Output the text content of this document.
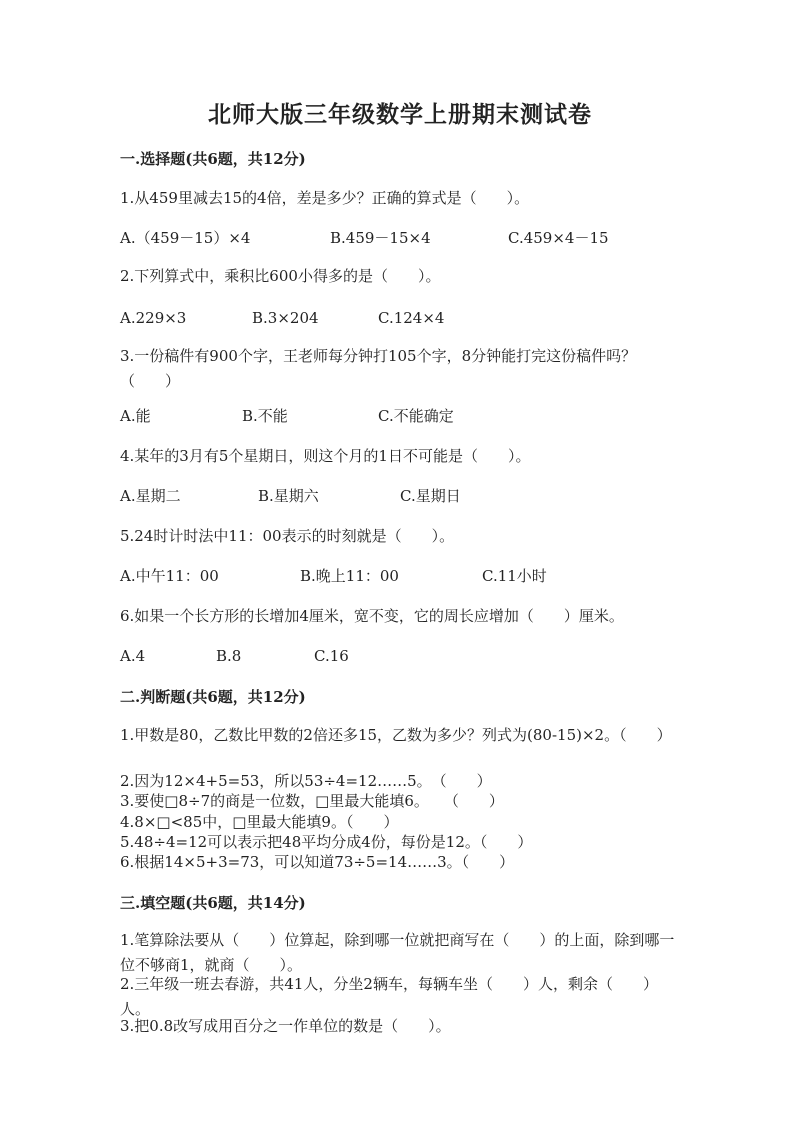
北师大版三年级数学上册期末测试卷
一.选择题(共6题，共12分)
1.从459里减去15的4倍，差是多少？正确的算式是（　　）。
A.（459－15）×4	B.459－15×4	C.459×4－15
2.下列算式中，乘积比600小得多的是（　　）。
A.229×3	B.3×204	C.124×4
3.一份稿件有900个字，王老师每分钟打105个字，8分钟能打完这份稿件吗？（　　）
A.能	B.不能	C.不能确定
4.某年的3月有5个星期日，则这个月的1日不可能是（　　）。
A.星期二	B.星期六	C.星期日
5.24时计时法中11：00表示的时刻就是（　　）。
A.中午11：00	B.晚上11：00	C.11小时
6.如果一个长方形的长增加4厘米，宽不变，它的周长应增加（　　）厘米。
A.4	B.8	C.16
二.判断题(共6题，共12分)
1.甲数是80，乙数比甲数的2倍还多15，乙数为多少？列式为(80-15)×2。（　　）
2.因为12×4+5=53，所以53÷4=12……5。　（　　）
3.要使□8÷7的商是一位数，□里最大能填6。　　（　　）
4.8×□<85中，□里最大能填9。（　　）
5.48÷4=12可以表示把48平均分成4份，每份是12。（　　）
6.根据14×5+3=73，可以知道73÷5=14……3。（　　）
三.填空题(共6题，共14分)
1.笔算除法要从（　　）位算起，除到哪一位就把商写在（　　）的上面，除到哪一位不够商1，就商（　　）。
2.三年级一班去春游，共41人，分坐2辆车，每辆车坐（　　）人，剩余（　　）人。
3.把0.8改写成用百分之一作单位的数是（　　）。
